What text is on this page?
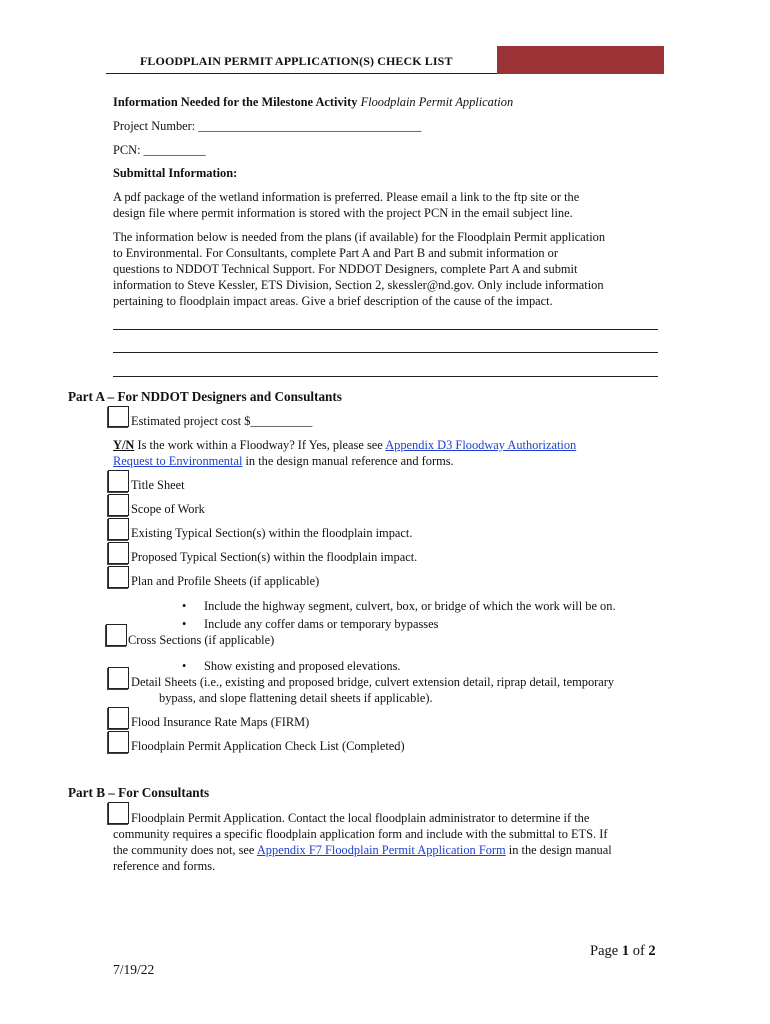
FLOODPLAIN PERMIT APPLICATION(S) CHECK LIST
Information Needed for the Milestone Activity Floodplain Permit Application
Project Number: ____________________________________
PCN: __________
Submittal Information:
A pdf package of the wetland information is preferred. Please email a link to the ftp site or the
design file where permit information is stored with the project PCN in the email subject line.
The information below is needed from the plans (if available) for the Floodplain Permit application
to Environmental. For Consultants, complete Part A and Part B and submit information or
questions to NDDOT Technical Support. For NDDOT Designers, complete Part A and submit
information to Steve Kessler, ETS Division, Section 2, skessler@nd.gov. Only include information
pertaining to floodplain impact areas. Give a brief description of the cause of the impact.
Part A – For NDDOT Designers and Consultants
Estimated project cost $__________
Y/N Is the work within a Floodway? If Yes, please see Appendix D3 Floodway Authorization
Request to Environmental in the design manual reference and forms.
Title Sheet
Scope of Work
Existing Typical Section(s) within the floodplain impact.
Proposed Typical Section(s) within the floodplain impact.
Plan and Profile Sheets (if applicable)
• Include the highway segment, culvert, box, or bridge of which the work will be on.
• Include any coffer dams or temporary bypasses
Cross Sections (if applicable)
• Show existing and proposed elevations.
Detail Sheets (i.e., existing and proposed bridge, culvert extension detail, riprap detail, temporary
bypass, and slope flattening detail sheets if applicable).
Flood Insurance Rate Maps (FIRM)
Floodplain Permit Application Check List (Completed)
Part B – For Consultants
Floodplain Permit Application. Contact the local floodplain administrator to determine if the
community requires a specific floodplain application form and include with the submittal to ETS. If
the community does not, see Appendix F7 Floodplain Permit Application Form in the design manual
reference and forms.
Page 1 of 2
7/19/22
